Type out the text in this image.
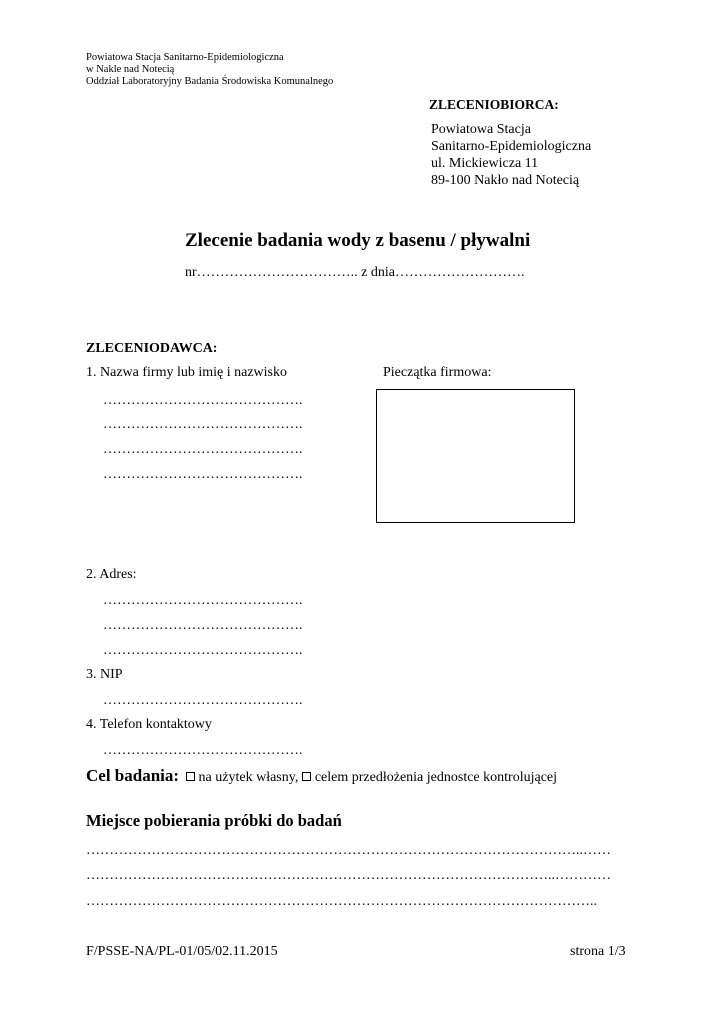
Powiatowa Stacja Sanitarno-Epidemiologiczna
w Nakle nad Notecią
Oddział Laboratoryjny Badania Środowiska Komunalnego
ZLECENIOBIORCA:
Powiatowa Stacja
Sanitarno-Epidemiologiczna
ul. Mickiewicza 11
89-100 Nakło nad Notecią
Zlecenie badania wody z basenu / pływalni
nr…………………………….. z dnia……………………….
ZLECENIODAWCA:
1. Nazwa firmy lub imię i nazwisko	Pieczątka firmowa:
…………………………………….
…………………………………….
…………………………………….
…………………………………….
2. Adres:
…………………………………….
…………………………………….
…………………………………….
3. NIP
…………………………………….
4. Telefon kontaktowy
…………………………………….
Cel badania: na użytek własny, celem przedłożenia jednostce kontrolującej
Miejsce pobierania próbki do badań
……………………………………………………………………………………………..……
………………………………………………………………………………………..…………
………………………………………………………………………………………………..
F/PSSE-NA/PL-01/05/02.11.2015	strona 1/3
